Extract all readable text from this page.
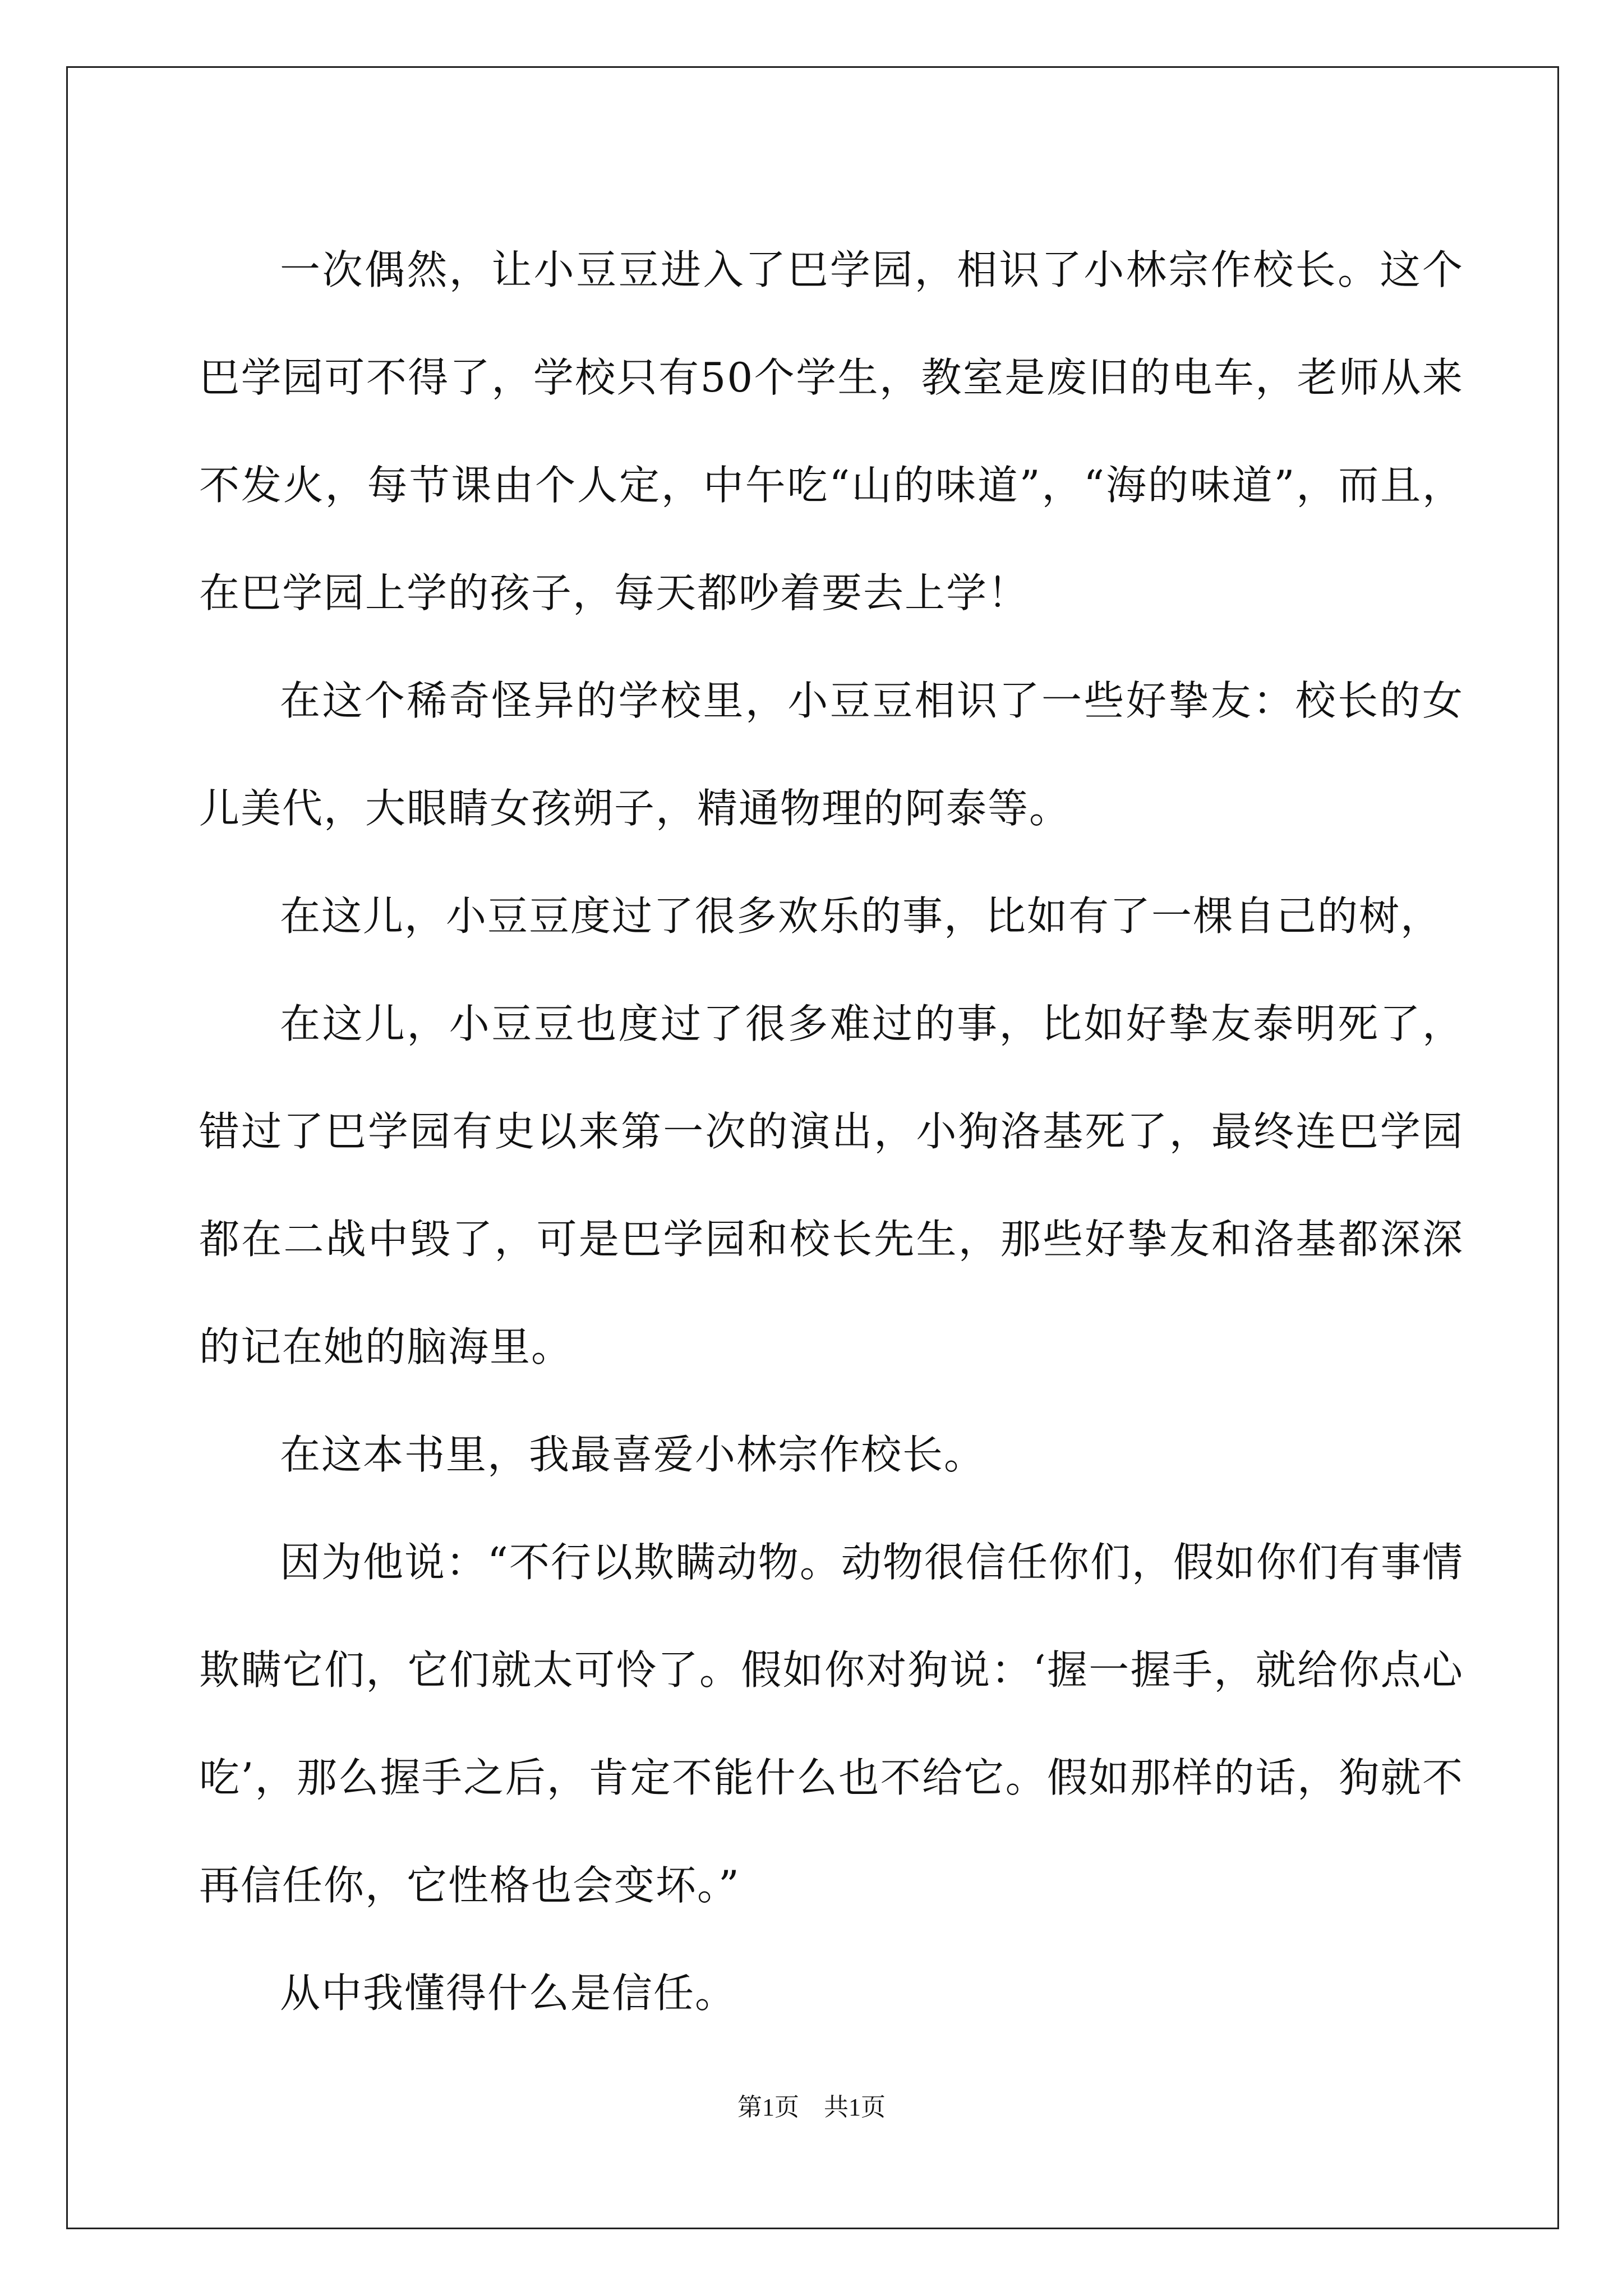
一次偶然，让小豆豆进入了巴学园，相识了小林宗作校长。这个巴学园可不得了，学校只有50个学生，教室是废旧的电车，老师从来不发火，每节课由个人定，中午吃“山的味道”，“海的味道”，而且，在巴学园上学的孩子，每天都吵着要去上学！

在这个稀奇怪异的学校里，小豆豆相识了一些好挚友：校长的女儿美代，大眼睛女孩朔子，精通物理的阿泰等。

在这儿，小豆豆度过了很多欢乐的事，比如有了一棵自己的树，

在这儿，小豆豆也度过了很多难过的事，比如好挚友泰明死了，错过了巴学园有史以来第一次的演出，小狗洛基死了，最终连巴学园都在二战中毁了，可是巴学园和校长先生，那些好挚友和洛基都深深的记在她的脑海里。

在这本书里，我最喜爱小林宗作校长。

因为他说：“不行以欺瞒动物。动物很信任你们，假如你们有事情欺瞒它们，它们就太可怜了。假如你对狗说：‘握一握手，就给你点心吃’，那么握手之后，肯定不能什么也不给它。假如那样的话，狗就不再信任你，它性格也会变坏。”

从中我懂得什么是信任。

第1页 共1页
